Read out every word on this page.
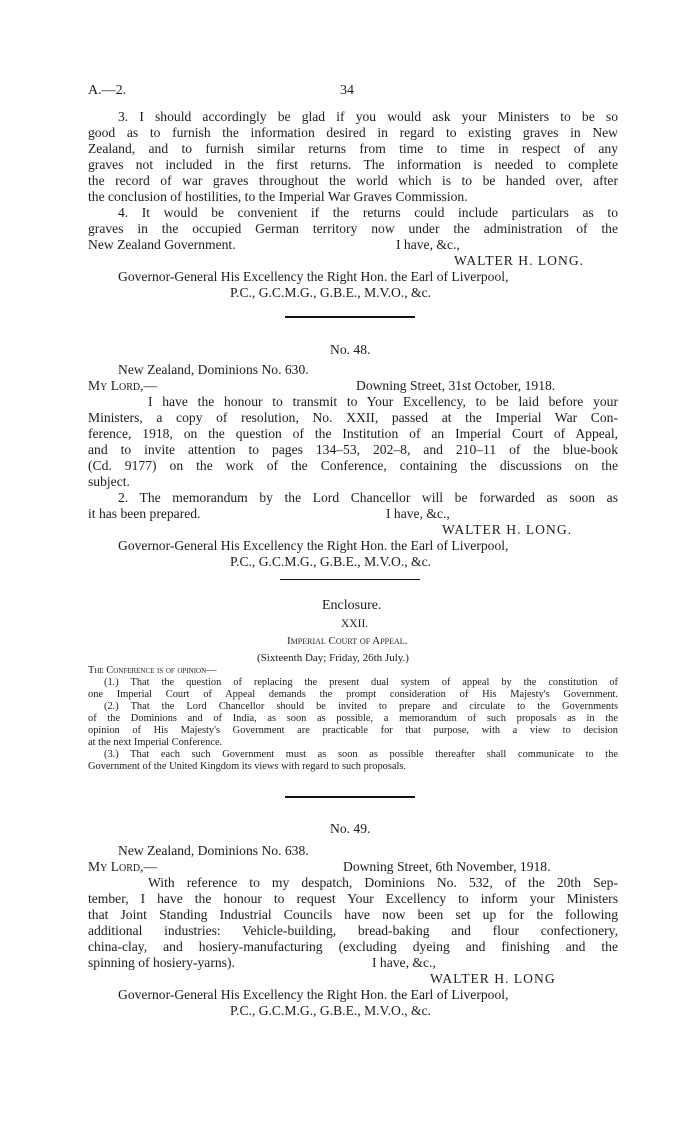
A.—2.	34
3. I should accordingly be glad if you would ask your Ministers to be so
good as to furnish the information desired in regard to existing graves in New
Zealand, and to furnish similar returns from time to time in respect of any
graves not included in the first returns. The information is needed to complete
the record of war graves throughout the world which is to be handed over, after
the conclusion of hostilities, to the Imperial War Graves Commission.
4. It would be convenient if the returns could include particulars as to
graves in the occupied German territory now under the administration of the
New Zealand Government.	I have, &c.,
WALTER H. LONG.
Governor-General His Excellency the Right Hon. the Earl of Liverpool,
P.C., G.C.M.G., G.B.E., M.V.O., &c.
No. 48.
New Zealand, Dominions No. 630.
My Lord,—	Downing Street, 31st October, 1918.
I have the honour to transmit to Your Excellency, to be laid before your
Ministers, a copy of resolution, No. XXII, passed at the Imperial War Con-
ference, 1918, on the question of the Institution of an Imperial Court of Appeal,
and to invite attention to pages 134–53, 202–8, and 210–11 of the blue-book
(Cd. 9177) on the work of the Conference, containing the discussions on the
subject.
2. The memorandum by the Lord Chancellor will be forwarded as soon as
it has been prepared.	I have, &c.,
WALTER H. LONG.
Governor-General His Excellency the Right Hon. the Earl of Liverpool,
P.C., G.C.M.G., G.B.E., M.V.O., &c.
Enclosure.
XXII.
Imperial Court of Appeal.
(Sixteenth Day; Friday, 26th July.)
The Conference is of opinion—
(1.) That the question of replacing the present dual system of appeal by the constitution of
one Imperial Court of Appeal demands the prompt consideration of His Majesty's Government.
(2.) That the Lord Chancellor should be invited to prepare and circulate to the Governments
of the Dominions and of India, as soon as possible, a memorandum of such proposals as in the
opinion of His Majesty's Government are practicable for that purpose, with a view to decision
at the next Imperial Conference.
(3.) That each such Government must as soon as possible thereafter shall communicate to the
Government of the United Kingdom its views with regard to such proposals.
No. 49.
New Zealand, Dominions No. 638.
My Lord,—	Downing Street, 6th November, 1918.
With reference to my despatch, Dominions No. 532, of the 20th Sep-
tember, I have the honour to request Your Excellency to inform your Ministers
that Joint Standing Industrial Councils have now been set up for the following
additional industries: Vehicle-building, bread-baking and flour confectionery,
china-clay, and hosiery-manufacturing (excluding dyeing and finishing and the
spinning of hosiery-yarns).	I have, &c.,
WALTER H. LONG
Governor-General His Excellency the Right Hon. the Earl of Liverpool,
P.C., G.C.M.G., G.B.E., M.V.O., &c.
